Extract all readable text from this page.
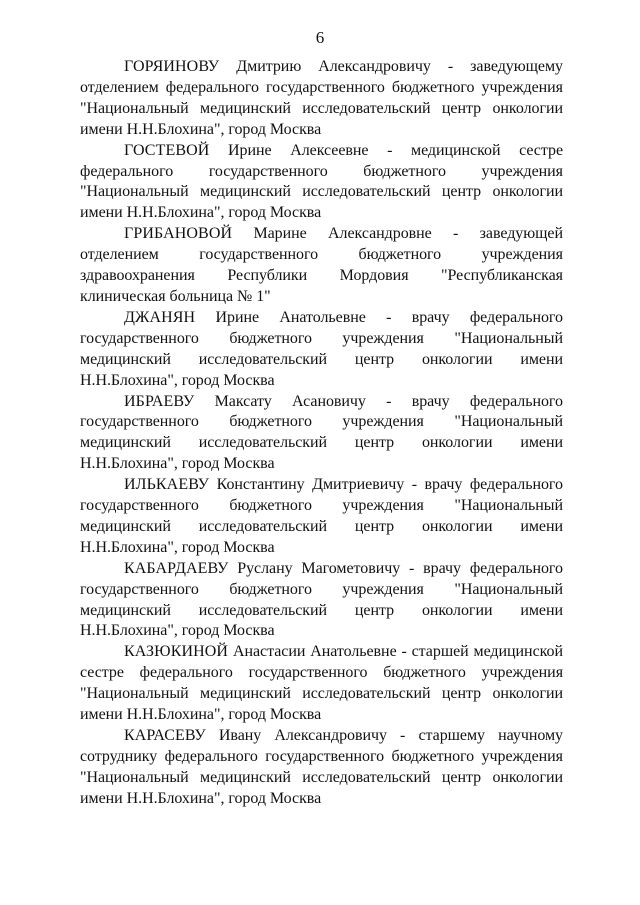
6

ГОРЯИНОВУ Дмитрию Александровичу - заведующему отделением федерального государственного бюджетного учреждения "Национальный медицинский исследовательский центр онкологии имени Н.Н.Блохина", город Москва

ГОСТЕВОЙ Ирине Алексеевне - медицинской сестре федерального государственного бюджетного учреждения "Национальный медицинский исследовательский центр онкологии имени Н.Н.Блохина", город Москва

ГРИБАНОВОЙ Марине Александровне - заведующей отделением государственного бюджетного учреждения здравоохранения Республики Мордовия "Республиканская клиническая больница № 1"

ДЖАНЯН Ирине Анатольевне - врачу федерального государственного бюджетного учреждения "Национальный медицинский исследовательский центр онкологии имени Н.Н.Блохина", город Москва

ИБРАЕВУ Максату Асановичу - врачу федерального государственного бюджетного учреждения "Национальный медицинский исследовательский центр онкологии имени Н.Н.Блохина", город Москва

ИЛЬКАЕВУ Константину Дмитриевичу - врачу федерального государственного бюджетного учреждения "Национальный медицинский исследовательский центр онкологии имени Н.Н.Блохина", город Москва

КАБАРДАЕВУ Руслану Магометовичу - врачу федерального государственного бюджетного учреждения "Национальный медицинский исследовательский центр онкологии имени Н.Н.Блохина", город Москва

КАЗЮКИНОЙ Анастасии Анатольевне - старшей медицинской сестре федерального государственного бюджетного учреждения "Национальный медицинский исследовательский центр онкологии имени Н.Н.Блохина", город Москва

КАРАСЕВУ Ивану Александровичу - старшему научному сотруднику федерального государственного бюджетного учреждения "Национальный медицинский исследовательский центр онкологии имени Н.Н.Блохина", город Москва
